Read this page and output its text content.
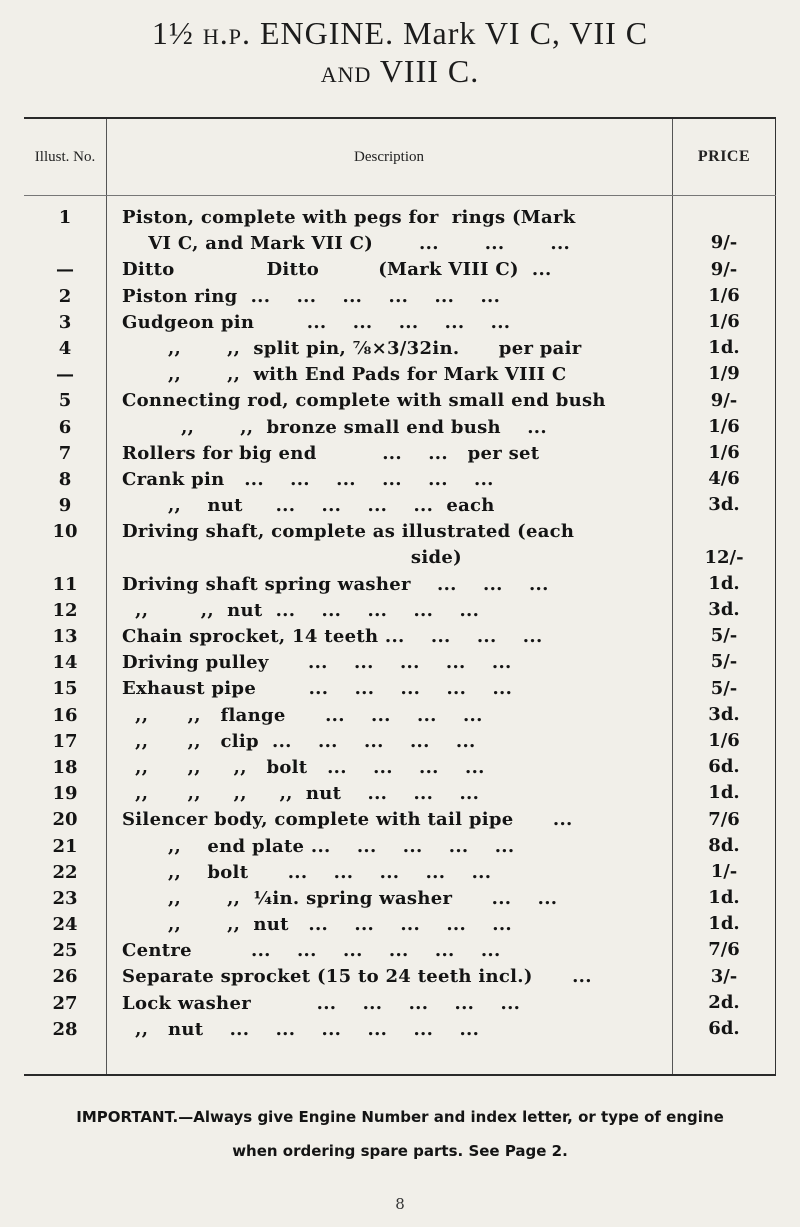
1½ h.p. ENGINE. Mark VI C, VII C
and VIII C.
Illust. No.	Description	PRICE
1	Piston, complete with pegs for  rings (Mark
VI C, and Mark VII C)       ...       ...       ...	9/-
—	Ditto              Ditto         (Mark VIII C)  ...	9/-
2	Piston ring  ...    ...    ...    ...    ...    ...	1/6
3	Gudgeon pin        ...    ...    ...    ...    ...	1/6
4	,,       ,,  split pin, ⅞×3/32in.      per pair	1d.
—	,,       ,,  with End Pads for Mark VIII C	1/9
5	Connecting rod, complete with small end bush	9/-
6	,,       ,,  bronze small end bush    ...	1/6
7	Rollers for big end          ...    ...   per set	1/6
8	Crank pin   ...    ...    ...    ...    ...    ...	4/6
9	,,    nut     ...    ...    ...    ...  each	3d.
10	Driving shaft, complete as illustrated (each
side)	12/-
11	Driving shaft spring washer    ...    ...    ...	1d.
12	,,        ,,  nut  ...    ...    ...    ...    ...	3d.
13	Chain sprocket, 14 teeth ...    ...    ...    ...	5/-
14	Driving pulley      ...    ...    ...    ...    ...	5/-
15	Exhaust pipe        ...    ...    ...    ...    ...	5/-
16	,,      ,,   flange      ...    ...    ...    ...	3d.
17	,,      ,,   clip  ...    ...    ...    ...    ...	1/6
18	,,      ,,     ,,   bolt   ...    ...    ...    ...	6d.
19	,,      ,,     ,,     ,,  nut    ...    ...    ...	1d.
20	Silencer body, complete with tail pipe      ...	7/6
21	,,    end plate ...    ...    ...    ...    ...	8d.
22	,,    bolt      ...    ...    ...    ...    ...	1/-
23	,,       ,,  ¼in. spring washer      ...    ...	1d.
24	,,       ,,  nut   ...    ...    ...    ...    ...	1d.
25	Centre         ...    ...    ...    ...    ...    ...	7/6
26	Separate sprocket (15 to 24 teeth incl.)      ...	3/-
27	Lock washer          ...    ...    ...    ...    ...	2d.
28	,,   nut    ...    ...    ...    ...    ...    ...	6d.
IMPORTANT.—Always give Engine Number and index letter, or type of engine
when ordering spare parts. See Page 2.
8
